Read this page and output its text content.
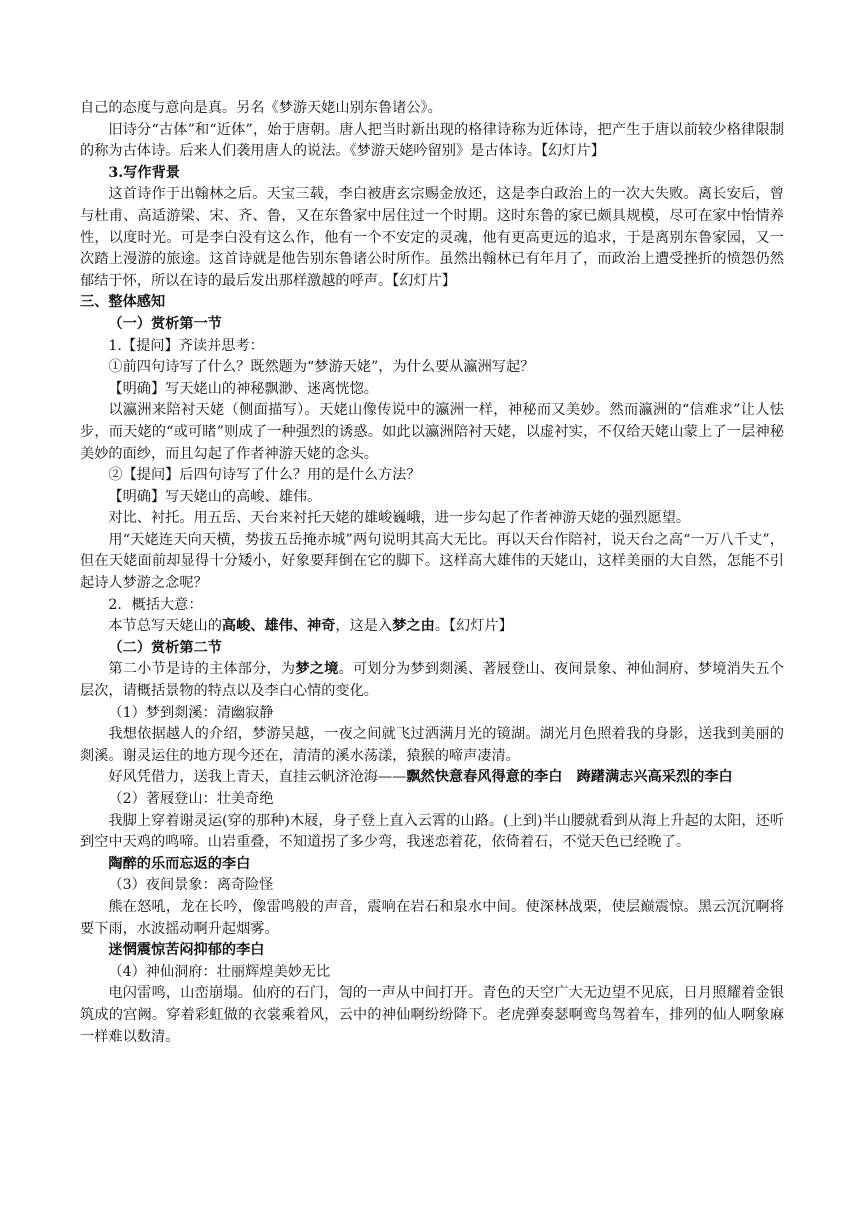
自己的态度与意向是真。另名《梦游天姥山别东鲁诸公》。

旧诗分“古体”和“近体”，始于唐朝。唐人把当时新出现的格律诗称为近体诗，把产生于唐以前较少格律限制的称为古体诗。后来人们袭用唐人的说法。《梦游天姥吟留别》是古体诗。【幻灯片】

3.写作背景

这首诗作于出翰林之后。天宝三载，李白被唐玄宗赐金放还，这是李白政治上的一次大失败。离长安后，曾与杜甫、高适游梁、宋、齐、鲁，又在东鲁家中居住过一个时期。这时东鲁的家已颇具规模，尽可在家中怡情养性，以度时光。可是李白没有这么作，他有一个不安定的灵魂，他有更高更远的追求，于是离别东鲁家园，又一次踏上漫游的旅途。这首诗就是他告别东鲁诸公时所作。虽然出翰林已有年月了，而政治上遭受挫折的愤怨仍然郁结于怀，所以在诗的最后发出那样激越的呼声。【幻灯片】

三、整体感知

（一）赏析第一节

1.【提问】齐读并思考：

①前四句诗写了什么？既然题为“梦游天姥”，为什么要从瀛洲写起？

【明确】写天姥山的神秘飘渺、迷离恍惚。

以瀛洲来陪衬天姥（侧面描写）。天姥山像传说中的瀛洲一样，神秘而又美妙。然而瀛洲的“信难求”让人怯步，而天姥的“或可睹”则成了一种强烈的诱惑。如此以瀛洲陪衬天姥，以虚衬实，不仅给天姥山蒙上了一层神秘美妙的面纱，而且勾起了作者神游天姥的念头。

②【提问】后四句诗写了什么？用的是什么方法？

【明确】写天姥山的高峻、雄伟。

对比、衬托。用五岳、天台来衬托天姥的雄峻巍峨，进一步勾起了作者神游天姥的强烈愿望。

用“天姥连天向天横，势拔五岳掩赤城”两句说明其高大无比。再以天台作陪衬，说天台之高“一万八千丈”，但在天姥面前却显得十分矮小，好象要拜倒在它的脚下。这样高大雄伟的天姥山，这样美丽的大自然，怎能不引起诗人梦游之念呢？

2．概括大意：

本节总写天姥山的高峻、雄伟、神奇，这是入梦之由。【幻灯片】

（二）赏析第二节

第二小节是诗的主体部分，为梦之境。可划分为梦到剡溪、著屐登山、夜间景象、神仙洞府、梦境消失五个层次，请概括景物的特点以及李白心情的变化。

（1）梦到剡溪：清幽寂静

我想依据越人的介绍，梦游吴越，一夜之间就飞过洒满月光的镜湖。湖光月色照着我的身影，送我到美丽的剡溪。谢灵运住的地方现今还在，清清的溪水荡漾，猿猴的啼声凄清。

好风凭借力，送我上青天，直挂云帆济沧海——飘然快意春风得意的李白　踌躇满志兴高采烈的李白

（2）著屐登山：壮美奇绝

我脚上穿着谢灵运(穿的那种)木屐，身子登上直入云霄的山路。(上到)半山腰就看到从海上升起的太阳，还听到空中天鸡的鸣啼。山岩重叠，不知道拐了多少弯，我迷恋着花，依倚着石，不觉天色已经晚了。

陶醉的乐而忘返的李白

（3）夜间景象：离奇险怪

熊在怒吼，龙在长吟，像雷鸣般的声音，震响在岩石和泉水中间。使深林战栗，使层巅震惊。黑云沉沉啊将要下雨，水波摇动啊升起烟雾。

迷惘震惊苦闷抑郁的李白

（4）神仙洞府：壮丽辉煌美妙无比

电闪雷鸣，山峦崩塌。仙府的石门，訇的一声从中间打开。青色的天空广大无边望不见底，日月照耀着金银筑成的宫阙。穿着彩虹做的衣裳乘着风，云中的神仙啊纷纷降下。老虎弹奏瑟啊鸾鸟驾着车，排列的仙人啊象麻一样难以数清。
